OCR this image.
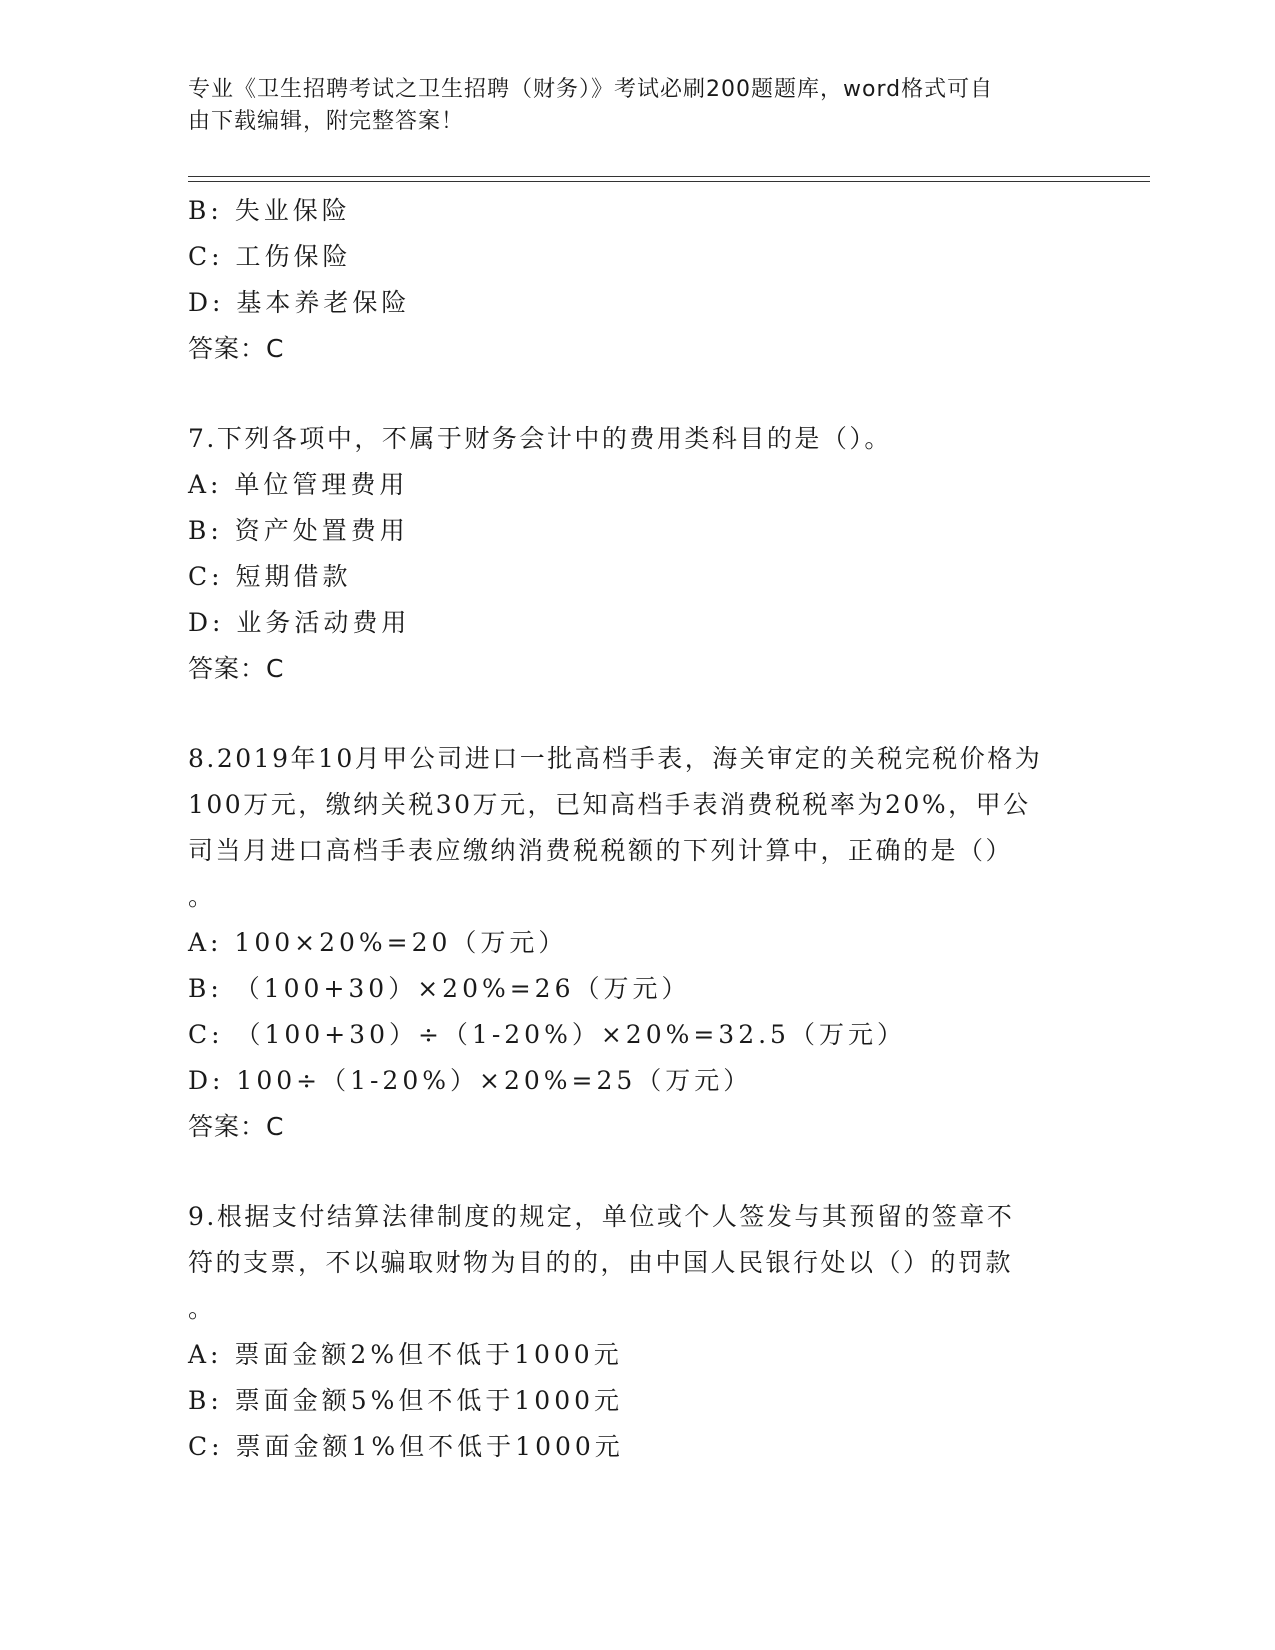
专业《卫生招聘考试之卫生招聘（财务）》考试必刷200题题库，word格式可自
由下载编辑，附完整答案！
B: 失业保险
C: 工伤保险
D: 基本养老保险
答案：C
7.下列各项中，不属于财务会计中的费用类科目的是（）。
A: 单位管理费用
B: 资产处置费用
C: 短期借款
D: 业务活动费用
答案：C
8.2019年10月甲公司进口一批高档手表，海关审定的关税完税价格为
100万元，缴纳关税30万元，已知高档手表消费税税率为20%，甲公
司当月进口高档手表应缴纳消费税税额的下列计算中，正确的是（）
。
A: 100×20%=20（万元）
B: （100+30）×20%=26（万元）
C: （100+30）÷（1-20%）×20%=32.5（万元）
D: 100÷（1-20%）×20%=25（万元）
答案：C
9.根据支付结算法律制度的规定，单位或个人签发与其预留的签章不
符的支票，不以骗取财物为目的的，由中国人民银行处以（）的罚款
。
A: 票面金额2%但不低于1000元
B: 票面金额5%但不低于1000元
C: 票面金额1%但不低于1000元
